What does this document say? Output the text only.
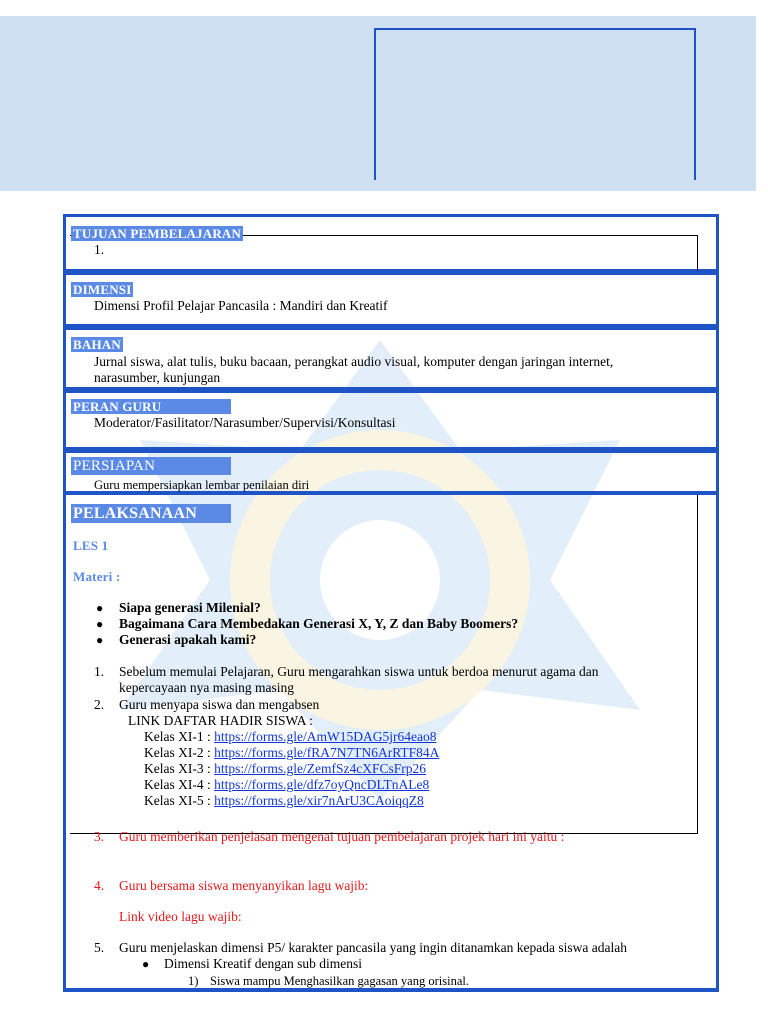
TUJUAN PEMBELAJARAN
1.
DIMENSI
Dimensi Profil Pelajar Pancasila : Mandiri dan Kreatif
BAHAN
Jurnal siswa, alat tulis, buku bacaan, perangkat audio visual, komputer dengan jaringan internet,
narasumber, kunjungan
PERAN GURU
Moderator/Fasilitator/Narasumber/Supervisi/Konsultasi
PERSIAPAN
Guru mempersiapkan lembar penilaian diri
PELAKSANAAN
LES 1
Materi :
● Siapa generasi Milenial?
● Bagaimana Cara Membedakan Generasi X, Y, Z dan Baby Boomers?
● Generasi apakah kami?
1. Sebelum memulai Pelajaran, Guru mengarahkan siswa untuk berdoa menurut agama dan
kepercayaan nya masing masing
2. Guru menyapa siswa dan mengabsen
LINK DAFTAR HADIR SISWA :
Kelas XI-1 : https://forms.gle/AmW15DAG5jr64eao8
Kelas XI-2 : https://forms.gle/fRA7N7TN6ArRTF84A
Kelas XI-3 : https://forms.gle/ZemfSz4cXFCsFrp26
Kelas XI-4 : https://forms.gle/dfz7oyQncDLTnALe8
Kelas XI-5 : https://forms.gle/xir7nArU3CAoiqqZ8
3. Guru memberikan penjelasan mengenai tujuan pembelajaran projek hari ini yaitu :
4. Guru bersama siswa menyanyikan lagu wajib:
Link video lagu wajib:
5. Guru menjelaskan dimensi P5/ karakter pancasila yang ingin ditanamkan kepada siswa adalah
● Dimensi Kreatif dengan sub dimensi
1) Siswa mampu Menghasilkan gagasan yang orisinal.
